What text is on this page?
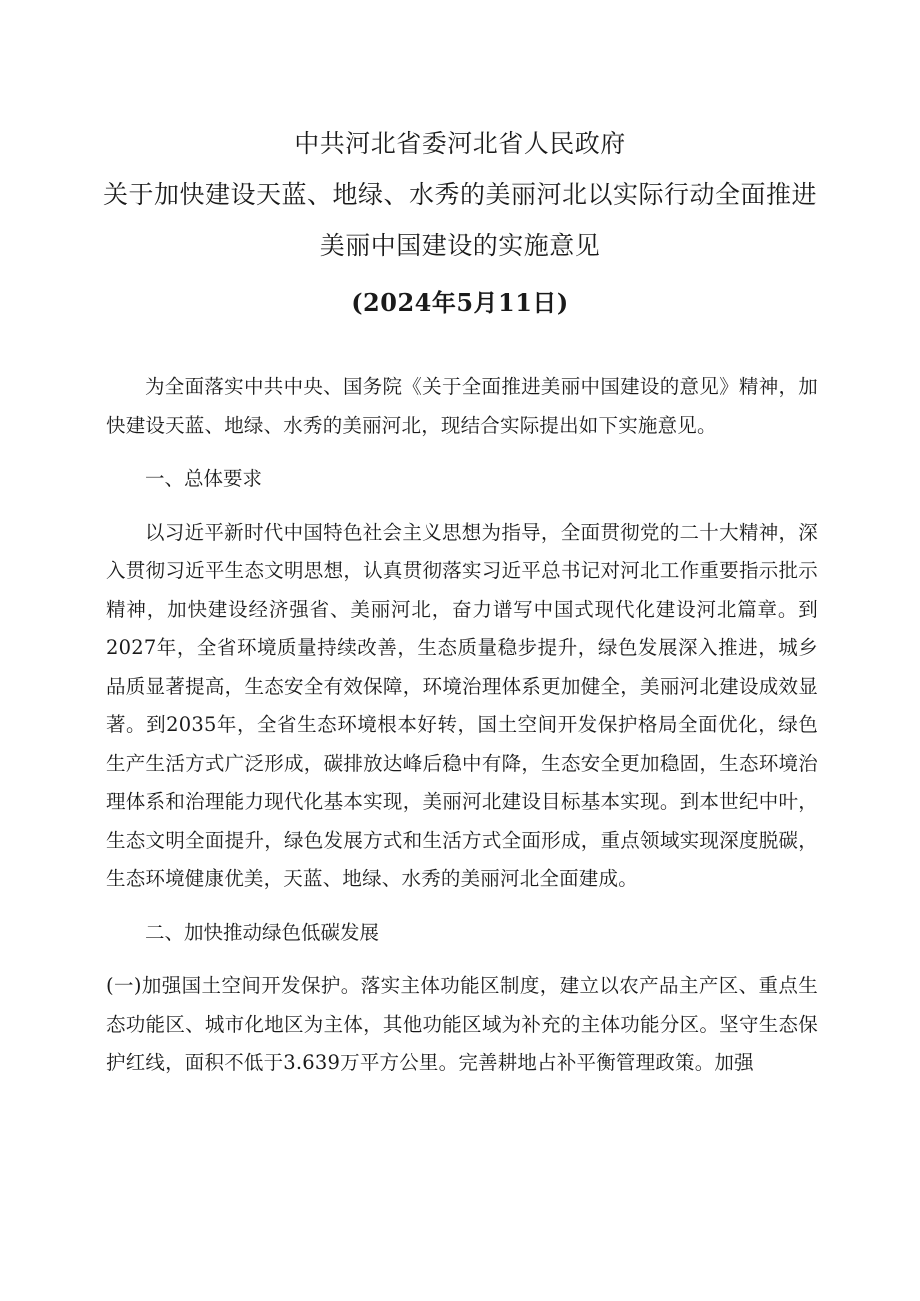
中共河北省委河北省人民政府
关于加快建设天蓝、地绿、水秀的美丽河北以实际行动全面推进
美丽中国建设的实施意见
(2024年5月11日)

为全面落实中共中央、国务院《关于全面推进美丽中国建设的意见》精神，加快建设天蓝、地绿、水秀的美丽河北，现结合实际提出如下实施意见。

一、总体要求

以习近平新时代中国特色社会主义思想为指导，全面贯彻党的二十大精神，深入贯彻习近平生态文明思想，认真贯彻落实习近平总书记对河北工作重要指示批示精神，加快建设经济强省、美丽河北，奋力谱写中国式现代化建设河北篇章。到2027年，全省环境质量持续改善，生态质量稳步提升，绿色发展深入推进，城乡品质显著提高，生态安全有效保障，环境治理体系更加健全，美丽河北建设成效显著。到2035年，全省生态环境根本好转，国土空间开发保护格局全面优化，绿色生产生活方式广泛形成，碳排放达峰后稳中有降，生态安全更加稳固，生态环境治理体系和治理能力现代化基本实现，美丽河北建设目标基本实现。到本世纪中叶，生态文明全面提升，绿色发展方式和生活方式全面形成，重点领域实现深度脱碳，生态环境健康优美，天蓝、地绿、水秀的美丽河北全面建成。

二、加快推动绿色低碳发展

(一)加强国土空间开发保护。落实主体功能区制度，建立以农产品主产区、重点生态功能区、城市化地区为主体，其他功能区域为补充的主体功能分区。坚守生态保护红线，面积不低于3.639万平方公里。完善耕地占补平衡管理政策。加强
